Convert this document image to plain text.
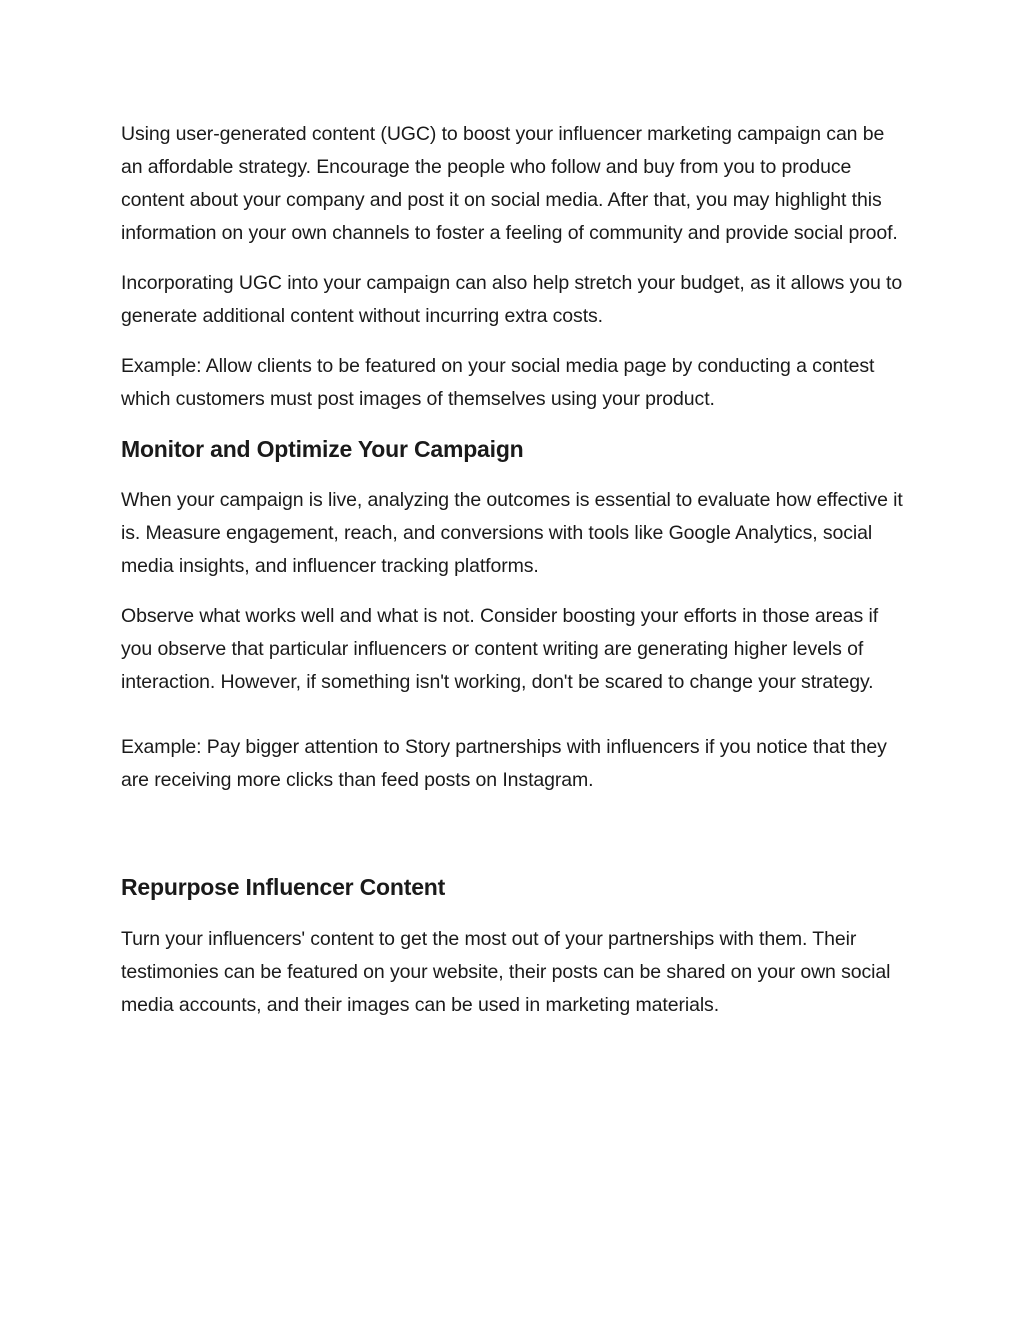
Using user-generated content (UGC) to boost your influencer marketing campaign can be an affordable strategy. Encourage the people who follow and buy from you to produce content about your company and post it on social media. After that, you may highlight this information on your own channels to foster a feeling of community and provide social proof.

Incorporating UGC into your campaign can also help stretch your budget, as it allows you to generate additional content without incurring extra costs.

Example: Allow clients to be featured on your social media page by conducting a contest which customers must post images of themselves using your product.

Monitor and Optimize Your Campaign

When your campaign is live, analyzing the outcomes is essential to evaluate how effective it is. Measure engagement, reach, and conversions with tools like Google Analytics, social media insights, and influencer tracking platforms.

Observe what works well and what is not. Consider boosting your efforts in those areas if you observe that particular influencers or content writing are generating higher levels of interaction. However, if something isn't working, don't be scared to change your strategy.

Example: Pay bigger attention to Story partnerships with influencers if you notice that they are receiving more clicks than feed posts on Instagram.

Repurpose Influencer Content

Turn your influencers' content to get the most out of your partnerships with them. Their testimonies can be featured on your website, their posts can be shared on your own social media accounts, and their images can be used in marketing materials.
